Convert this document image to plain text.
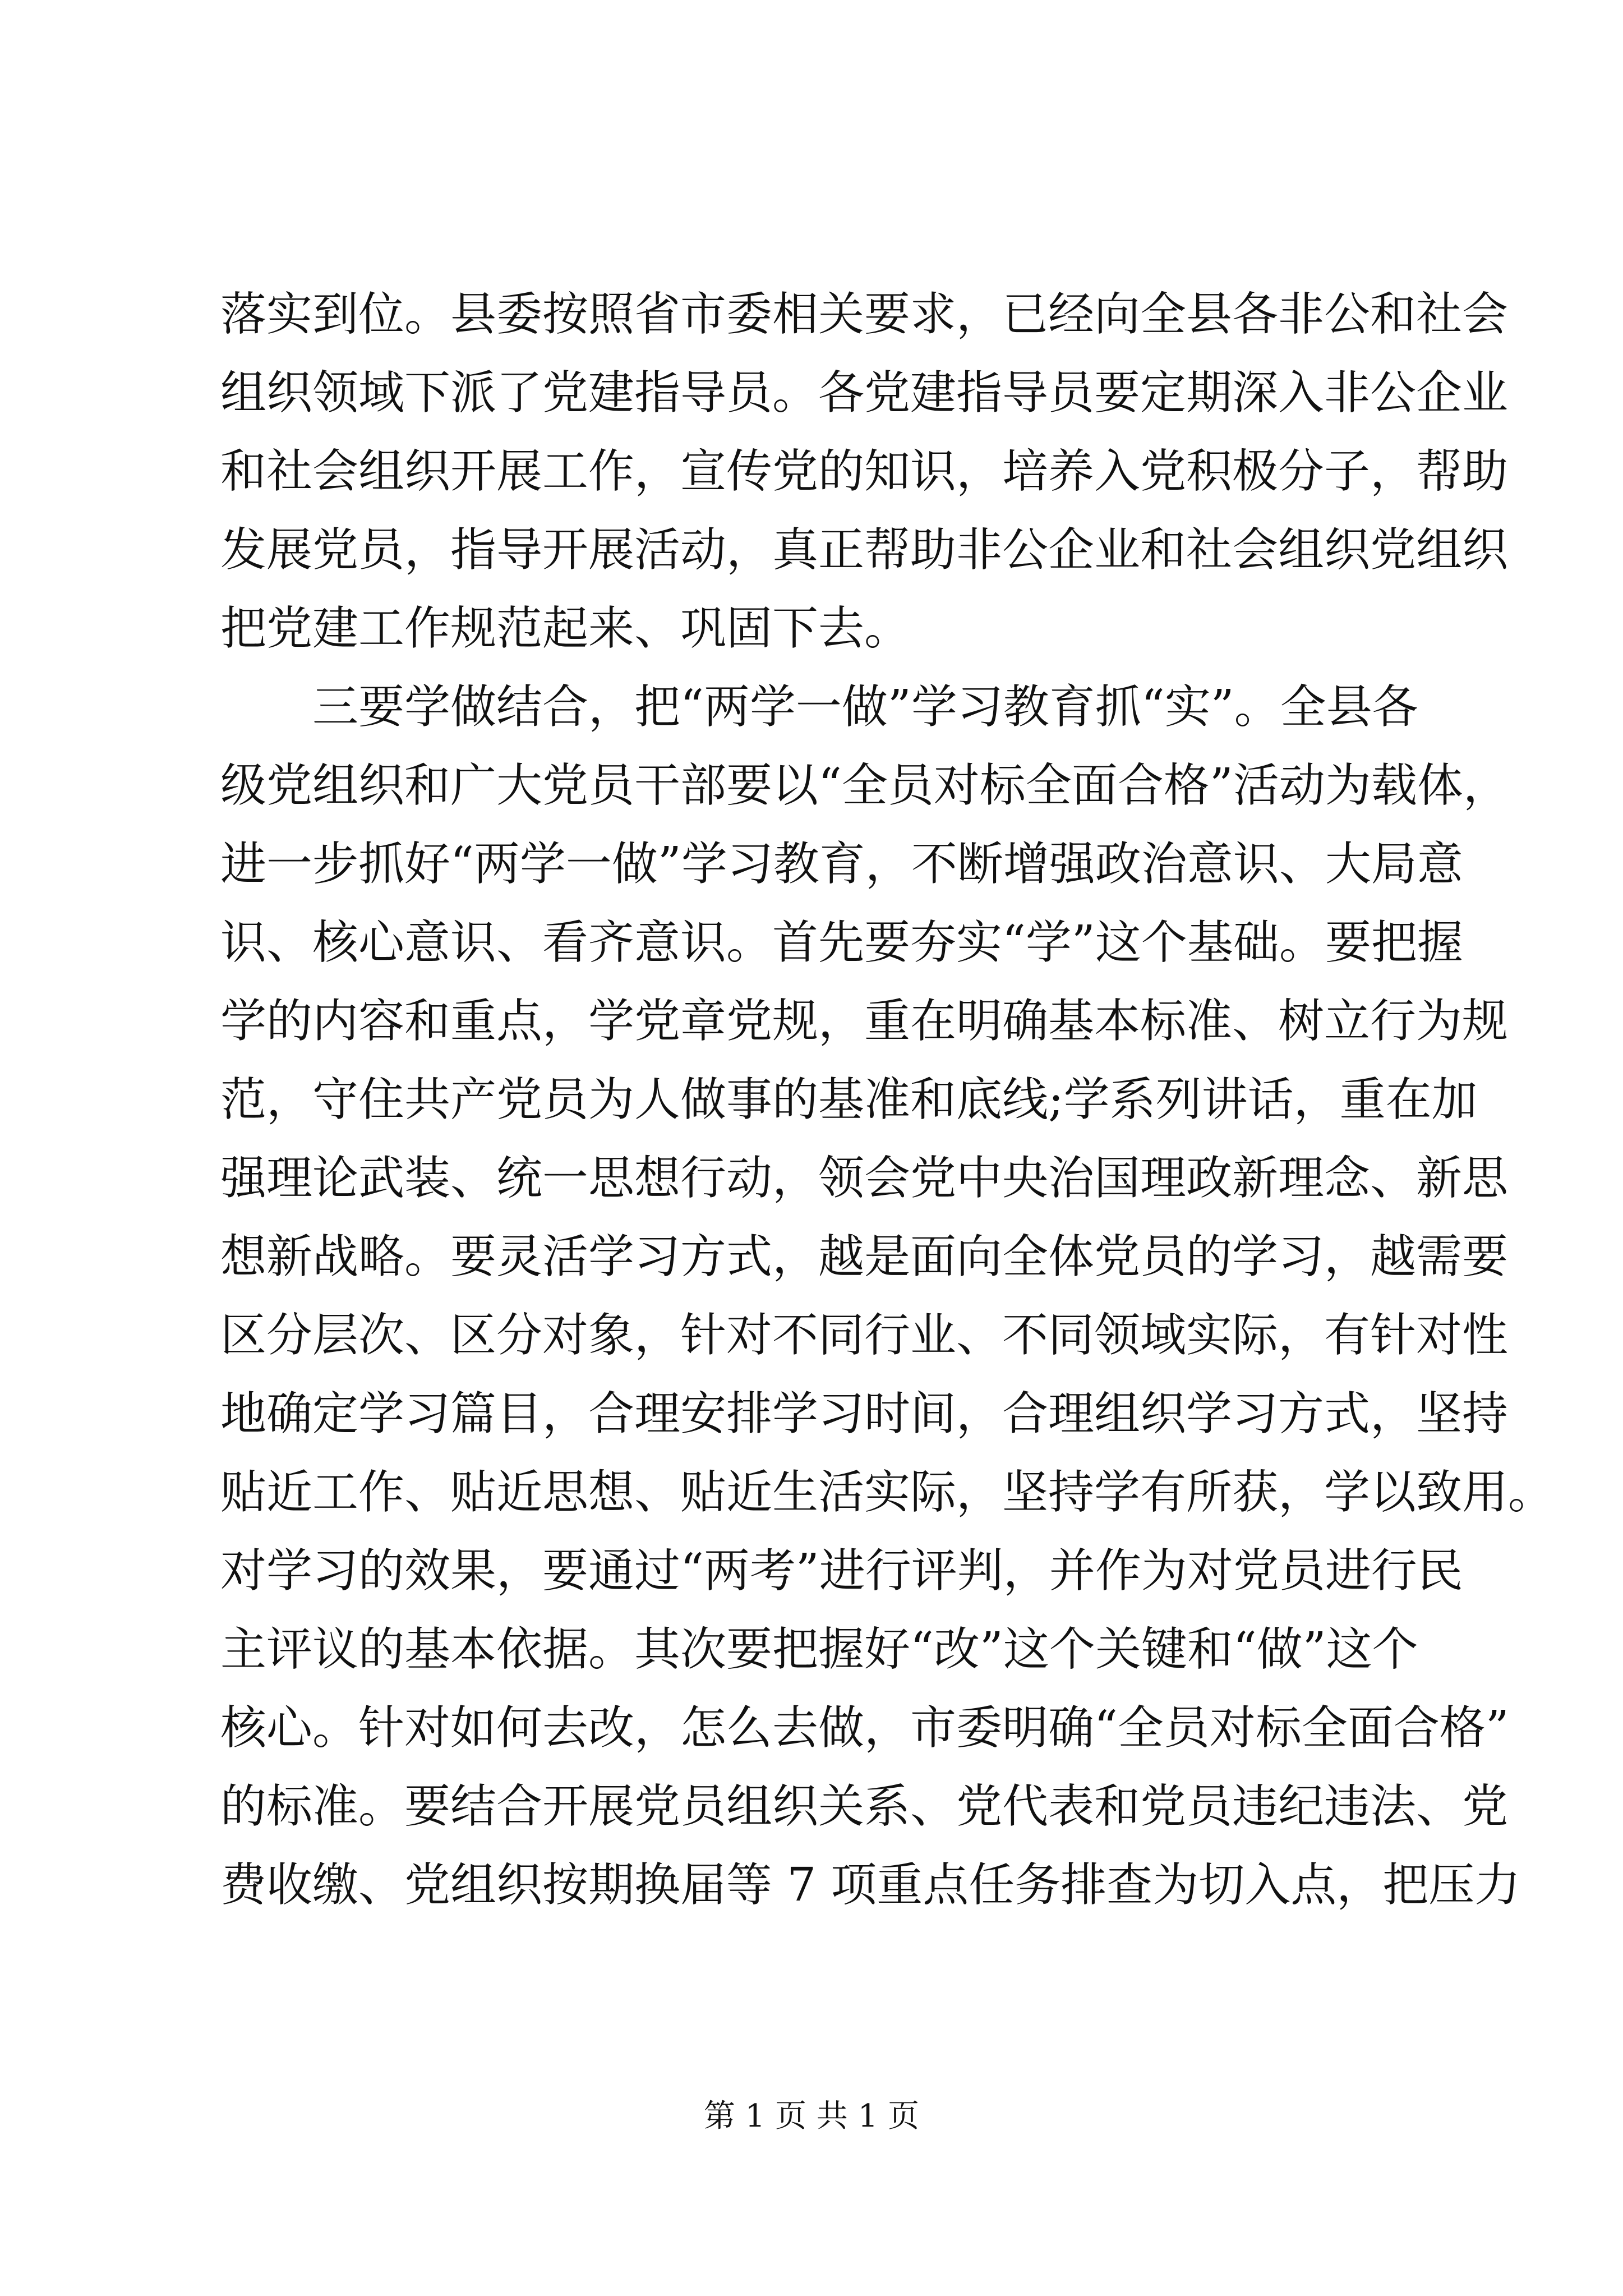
落实到位。县委按照省市委相关要求，已经向全县各非公和社会
组织领域下派了党建指导员。各党建指导员要定期深入非公企业
和社会组织开展工作，宣传党的知识，培养入党积极分子，帮助
发展党员，指导开展活动，真正帮助非公企业和社会组织党组织
把党建工作规范起来、巩固下去。
三要学做结合，把“两学一做”学习教育抓“实”。全县各
级党组织和广大党员干部要以“全员对标全面合格”活动为载体，
进一步抓好“两学一做”学习教育，不断增强政治意识、大局意
识、核心意识、看齐意识。首先要夯实“学”这个基础。要把握
学的内容和重点，学党章党规，重在明确基本标准、树立行为规
范，守住共产党员为人做事的基准和底线;学系列讲话，重在加
强理论武装、统一思想行动，领会党中央治国理政新理念、新思
想新战略。要灵活学习方式，越是面向全体党员的学习，越需要
区分层次、区分对象，针对不同行业、不同领域实际，有针对性
地确定学习篇目，合理安排学习时间，合理组织学习方式，坚持
贴近工作、贴近思想、贴近生活实际，坚持学有所获，学以致用。
对学习的效果，要通过“两考”进行评判，并作为对党员进行民
主评议的基本依据。其次要把握好“改”这个关键和“做”这个
核心。针对如何去改，怎么去做，市委明确“全员对标全面合格”
的标准。要结合开展党员组织关系、党代表和党员违纪违法、党
费收缴、党组织按期换届等 7 项重点任务排查为切入点，把压力
第 1 页 共 1 页
